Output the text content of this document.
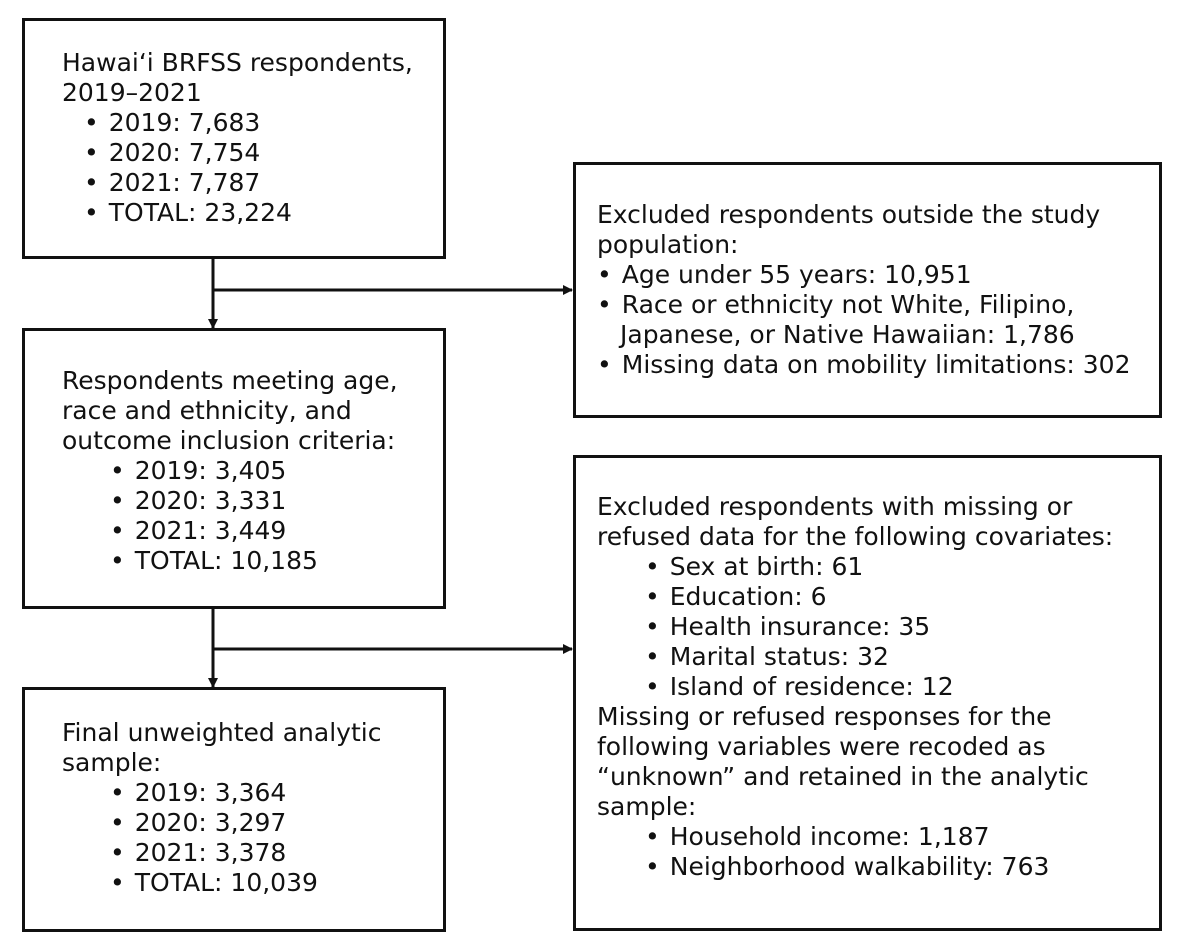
Hawaiʻi BRFSS respondents,
2019–2021
• 2019: 7,683
• 2020: 7,754
• 2021: 7,787
• TOTAL: 23,224
Respondents meeting age,
race and ethnicity, and
outcome inclusion criteria:
• 2019: 3,405
• 2020: 3,331
• 2021: 3,449
• TOTAL: 10,185
Final unweighted analytic
sample:
• 2019: 3,364
• 2020: 3,297
• 2021: 3,378
• TOTAL: 10,039
Excluded respondents outside the study
population:
• Age under 55 years: 10,951
• Race or ethnicity not White, Filipino,
Japanese, or Native Hawaiian: 1,786
• Missing data on mobility limitations: 302
Excluded respondents with missing or
refused data for the following covariates:
• Sex at birth: 61
• Education: 6
• Health insurance: 35
• Marital status: 32
• Island of residence: 12
Missing or refused responses for the
following variables were recoded as
“unknown” and retained in the analytic
sample:
• Household income: 1,187
• Neighborhood walkability: 763
